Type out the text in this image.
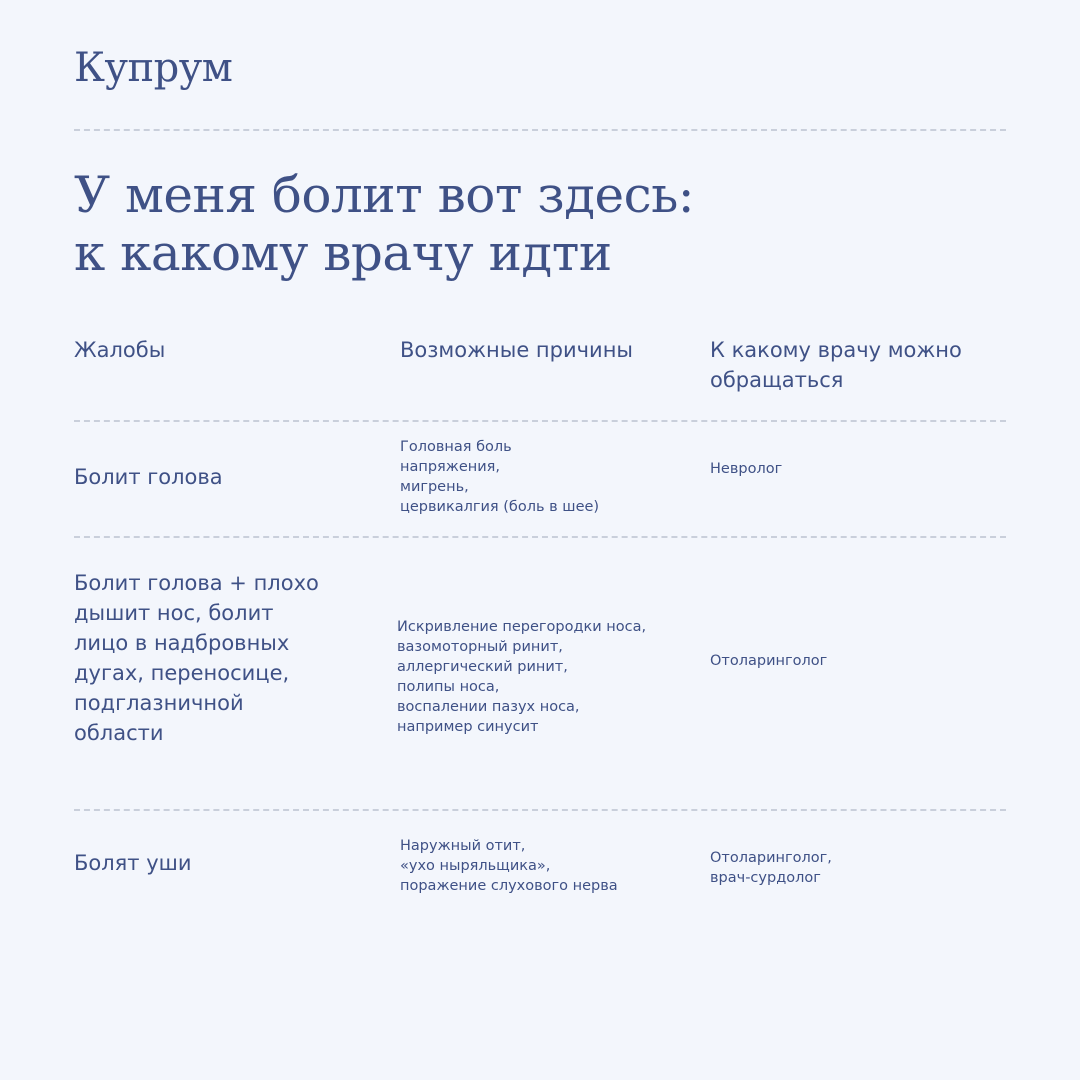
Купрум
У меня болит вот здесь:
к какому врачу идти
Жалобы	Возможные причины	К какому врачу можно
обращаться
Болит голова
Головная боль
напряжения,
мигрень,
цервикалгия (боль в шее)
Невролог
Болит голова + плохо
дышит нос, болит
лицо в надбровных
дугах, переносице,
подглазничной
области
Искривление перегородки носа,
вазомоторный ринит,
аллергический ринит,
полипы носа,
воспалении пазух носа,
например синусит
Отоларинголог
Болят уши
Наружный отит,
«ухо ныряльщика»,
поражение слухового нерва
Отоларинголог,
врач-сурдолог
